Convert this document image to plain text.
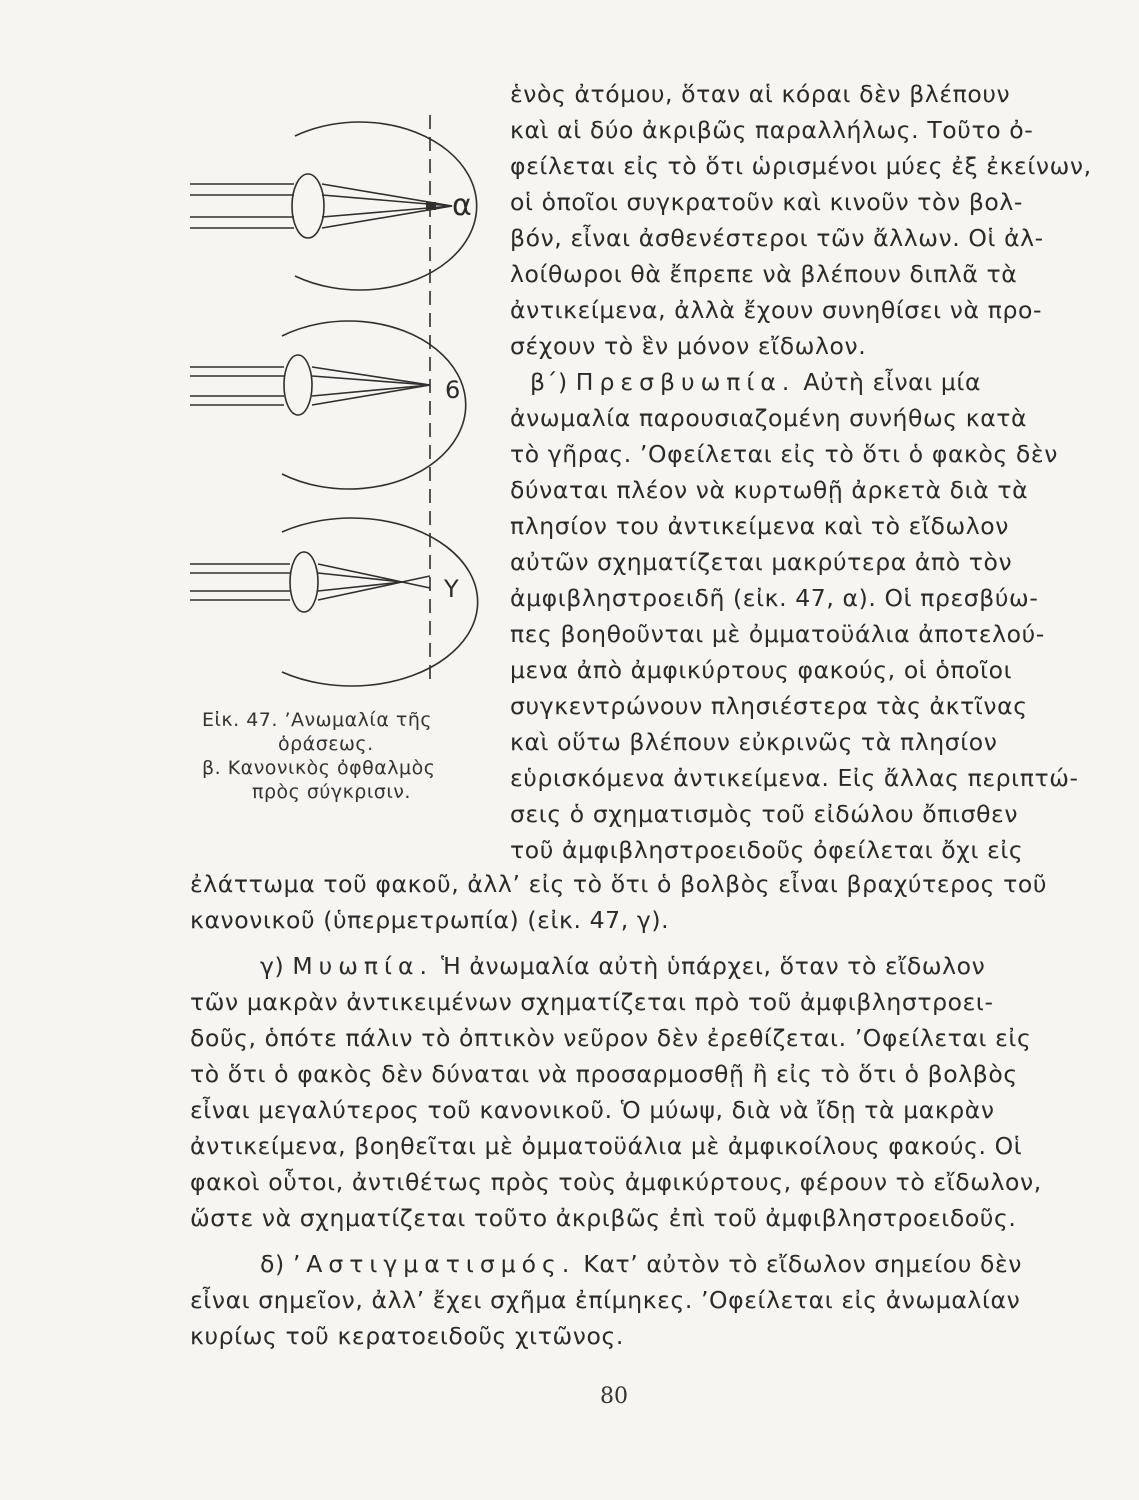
α
6
Υ
Εἰκ. 47. ’Ανωμαλία τῆς
ὁράσεως.
β. Κανονικὸς ὀφθαλμὸς
πρὸς σύγκρισιν.
ἑνὸς ἀτόμου, ὅταν αἱ κόραι δὲν βλέπουν
καὶ αἱ δύο ἀκριβῶς παραλλήλως. Τοῦτο ὀ-
φείλεται εἰς τὸ ὅτι ὡρισμένοι μύες ἐξ ἐκείνων,
οἱ ὁποῖοι συγκρατοῦν καὶ κινοῦν τὸν βολ-
βόν, εἶναι ἀσθενέστεροι τῶν ἄλλων. Οἱ ἀλ-
λοίθωροι θὰ ἔπρεπε νὰ βλέπουν διπλᾶ τὰ
ἀντικείμενα, ἀλλὰ ἔχουν συνηθίσει νὰ προ-
σέχουν τὸ ἓν μόνον εἴδωλον.
β΄) Πρεσβυωπία. Αὐτὴ εἶναι μία
ἀνωμαλία παρουσιαζομένη συνήθως κατὰ
τὸ γῆρας. ’Οφείλεται εἰς τὸ ὅτι ὁ φακὸς δὲν
δύναται πλέον νὰ κυρτωθῇ ἀρκετὰ διὰ τὰ
πλησίον του ἀντικείμενα καὶ τὸ εἴδωλον
αὐτῶν σχηματίζεται μακρύτερα ἀπὸ τὸν
ἀμφιβληστροειδῆ (εἰκ. 47, α). Οἱ πρεσβύω-
πες βοηθοῦνται μὲ ὀμματοϋάλια ἀποτελού-
μενα ἀπὸ ἀμφικύρτους φακούς, οἱ ὁποῖοι
συγκεντρώνουν πλησιέστερα τὰς ἀκτῖνας
καὶ οὕτω βλέπουν εὐκρινῶς τὰ πλησίον
εὑρισκόμενα ἀντικείμενα. Εἰς ἄλλας περιπτώ-
σεις ὁ σχηματισμὸς τοῦ εἰδώλου ὄπισθεν
τοῦ ἀμφιβληστροειδοῦς ὀφείλεται ὄχι εἰς
ἐλάττωμα τοῦ φακοῦ, ἀλλ’ εἰς τὸ ὅτι ὁ βολβὸς εἶναι βραχύτερος τοῦ
κανονικοῦ (ὑπερμετρωπία) (εἰκ. 47, γ).
γ) Μυωπία. Ἡ ἀνωμαλία αὐτὴ ὑπάρχει, ὅταν τὸ εἴδωλον
τῶν μακρὰν ἀντικειμένων σχηματίζεται πρὸ τοῦ ἀμφιβληστροει-
δοῦς, ὁπότε πάλιν τὸ ὀπτικὸν νεῦρον δὲν ἐρεθίζεται. ’Οφείλεται εἰς
τὸ ὅτι ὁ φακὸς δὲν δύναται νὰ προσαρμοσθῇ ἢ εἰς τὸ ὅτι ὁ βολβὸς
εἶναι μεγαλύτερος τοῦ κανονικοῦ. Ὁ μύωψ, διὰ νὰ ἴδῃ τὰ μακρὰν
ἀντικείμενα, βοηθεῖται μὲ ὀμματοϋάλια μὲ ἀμφικοίλους φακούς. Οἱ
φακοὶ οὗτοι, ἀντιθέτως πρὸς τοὺς ἀμφικύρτους, φέρουν τὸ εἴδωλον,
ὥστε νὰ σχηματίζεται τοῦτο ἀκριβῶς ἐπὶ τοῦ ἀμφιβληστροειδοῦς.
δ) ’Αστιγματισμός. Κατ’ αὐτὸν τὸ εἴδωλον σημείου δὲν
εἶναι σημεῖον, ἀλλ’ ἔχει σχῆμα ἐπίμηκες. ’Οφείλεται εἰς ἀνωμαλίαν
κυρίως τοῦ κερατοειδοῦς χιτῶνος.
80
